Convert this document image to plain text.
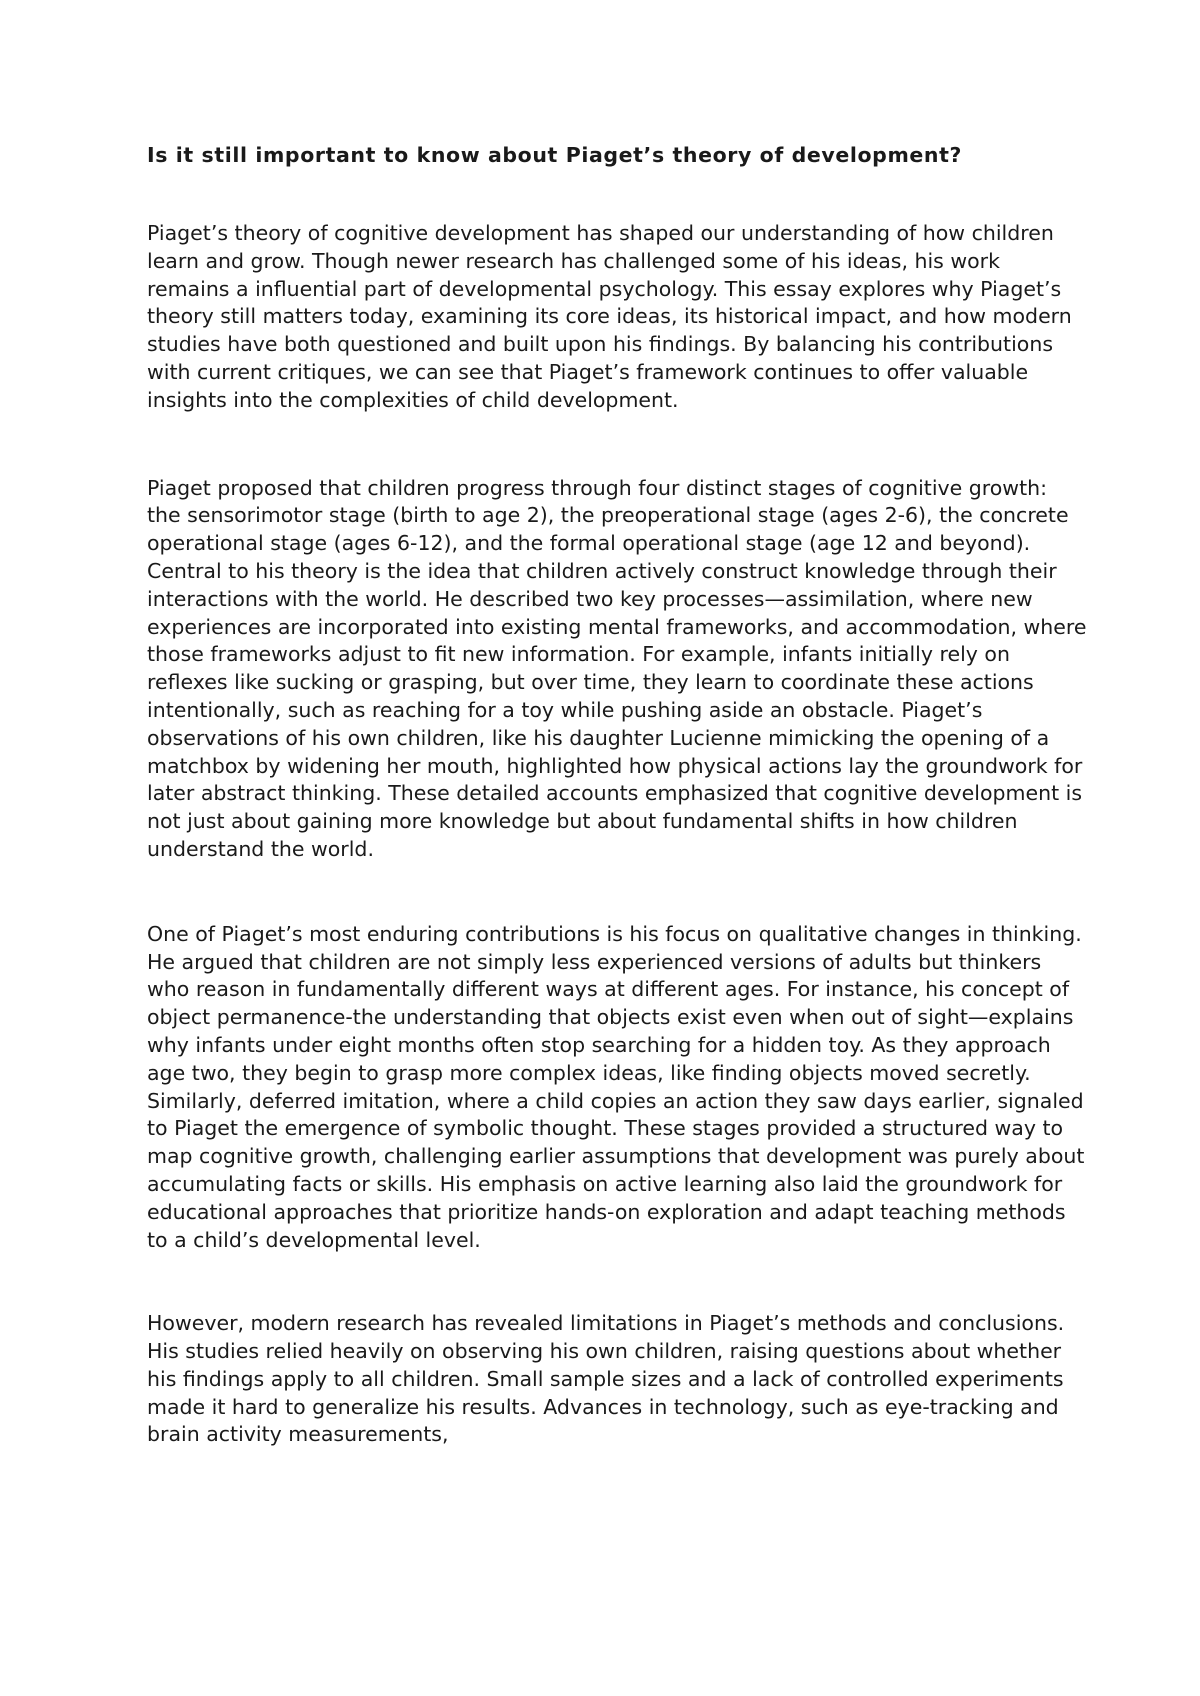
Is it still important to know about Piaget’s theory of development?

Piaget’s theory of cognitive development has shaped our understanding of how children learn and grow. Though newer research has challenged some of his ideas, his work remains a influential part of developmental psychology. This essay explores why Piaget’s theory still matters today, examining its core ideas, its historical impact, and how modern studies have both questioned and built upon his findings. By balancing his contributions with current critiques, we can see that Piaget’s framework continues to offer valuable insights into the complexities of child development.

Piaget proposed that children progress through four distinct stages of cognitive growth: the sensorimotor stage (birth to age 2), the preoperational stage (ages 2-6), the concrete operational stage (ages 6-12), and the formal operational stage (age 12 and beyond). Central to his theory is the idea that children actively construct knowledge through their interactions with the world. He described two key processes—assimilation, where new experiences are incorporated into existing mental frameworks, and accommodation, where those frameworks adjust to fit new information. For example, infants initially rely on reflexes like sucking or grasping, but over time, they learn to coordinate these actions intentionally, such as reaching for a toy while pushing aside an obstacle. Piaget’s observations of his own children, like his daughter Lucienne mimicking the opening of a matchbox by widening her mouth, highlighted how physical actions lay the groundwork for later abstract thinking. These detailed accounts emphasized that cognitive development is not just about gaining more knowledge but about fundamental shifts in how children understand the world.

One of Piaget’s most enduring contributions is his focus on qualitative changes in thinking. He argued that children are not simply less experienced versions of adults but thinkers who reason in fundamentally different ways at different ages. For instance, his concept of object permanence-the understanding that objects exist even when out of sight—explains why infants under eight months often stop searching for a hidden toy. As they approach age two, they begin to grasp more complex ideas, like finding objects moved secretly. Similarly, deferred imitation, where a child copies an action they saw days earlier, signaled to Piaget the emergence of symbolic thought. These stages provided a structured way to map cognitive growth, challenging earlier assumptions that development was purely about accumulating facts or skills. His emphasis on active learning also laid the groundwork for educational approaches that prioritize hands-on exploration and adapt teaching methods to a child’s developmental level.

However, modern research has revealed limitations in Piaget’s methods and conclusions. His studies relied heavily on observing his own children, raising questions about whether his findings apply to all children. Small sample sizes and a lack of controlled experiments made it hard to generalize his results. Advances in technology, such as eye-tracking and brain activity measurements,
